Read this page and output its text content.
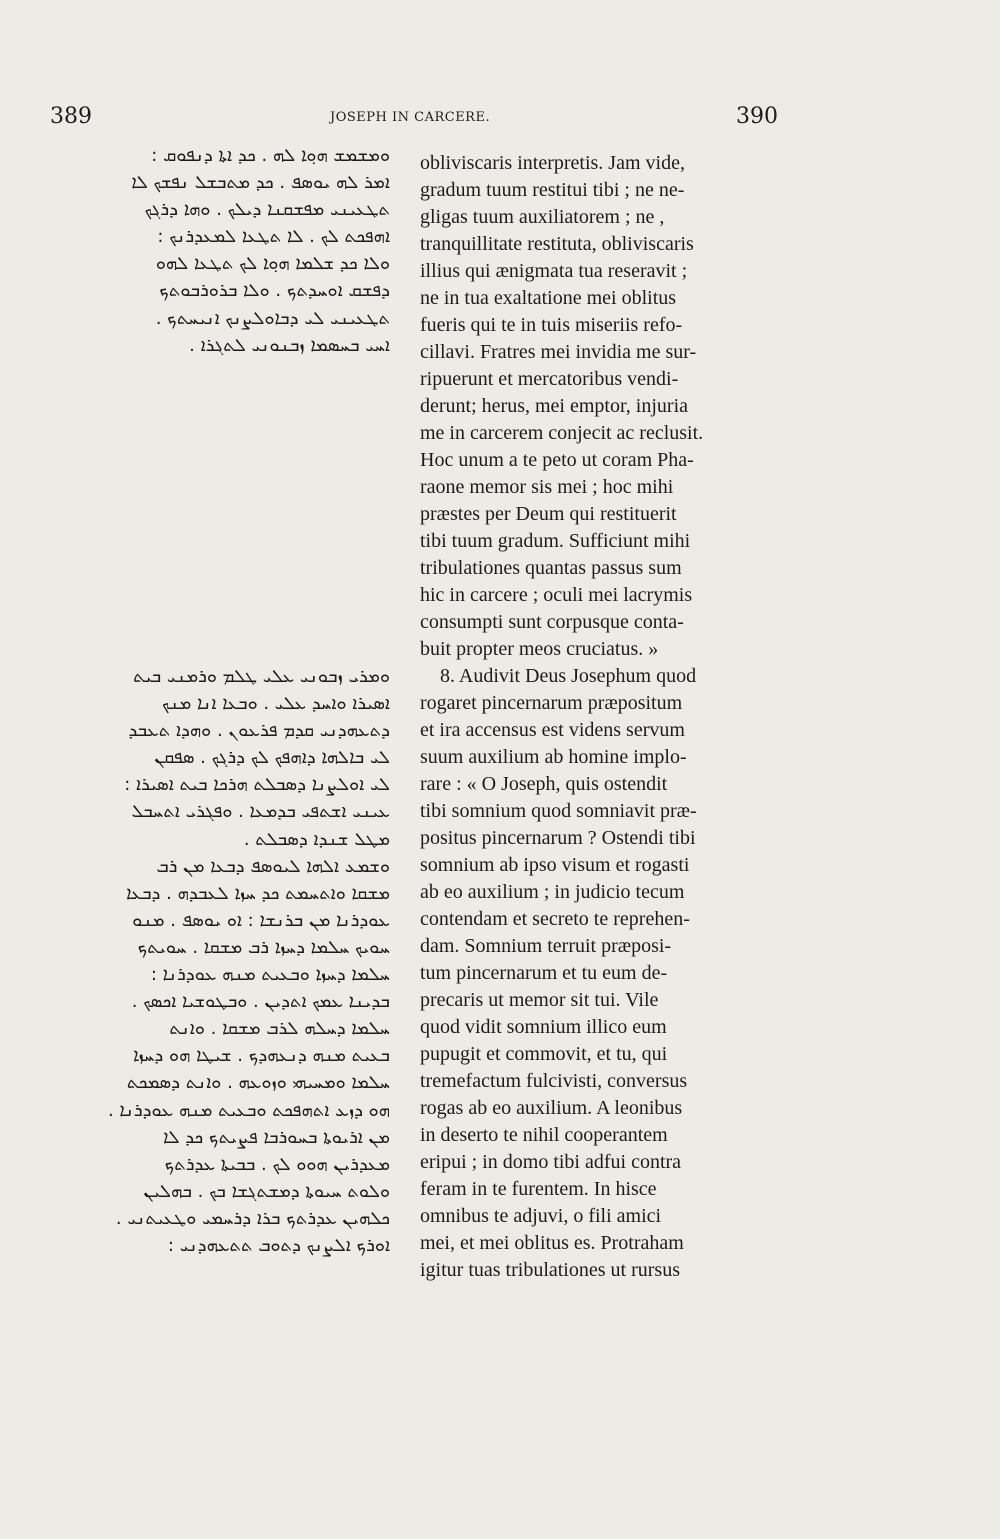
389	JOSEPH IN CARCERE.	390
ܘܡܫܡܫ ܗܘ݂ܐ ܠܗ . ܟܕ ܐܬܐ ܕܢܦܘܩ :
ܐܡܪ ܠܗ ܝܘܣܦ . ܟܕ ܡܬܒܫܠ ܢܦܫܟ ܠܐ
ܬܛܥܝܢܝ ܡܦܫܩܢܐ ܕܝܠܟ . ܘܗܐ ܕܪܓܟ
ܐܗܦܟܬ ܠܟ . ܠܐ ܬܛܥܐ ܠܡܥܕܪܢܟ :
ܘܠܐ ܟܕ ܫܠܡܐ ܗܘ݂ܐ ܠܟ ܬܛܥܐ ܠܗܘ
ܕܦܫܩ ܐܘܚܕܬܟ . ܘܠܐ ܒܪܘܪܒܘܬܟ
ܬܛܥܝܢܝ ܠܝ ܕܒܐܘܠܨܢܟ ܐܢܝܚܬܟ .
ܐܚܝ ܒܚܣܡܐ ܙܒܢܘܢܝ ܠܬܓܪܐ .
ܘܡܪܝ ܙܒܘܢܝ ܥܠܝ ܛܠܡ ܘܪܡܢܝ ܒܝܬ
ܐܣܝܪܐ ܘܐܚܕ ܥܠܝ . ܘܒܥܐ ܐܢܐ ܡܢܟ
ܕܬܥܗܕܢܝ ܩܕܡ ܦܪܥܘܢ . ܘܗܕܐ ܬܥܒܕ
ܠܝ ܒܐܠܗܐ ܕܐܗܦܟ ܠܟ ܕܪܓܟ . ܣܦܩܢ
ܠܝ ܐܘܠܨܢܐ ܕܣܒܠܬ ܗܪܟܐ ܒܝܬ ܐܣܝܪܐ :
ܥܝܢܝ ܐܫܬܦܝ ܒܕܡܥܐ . ܘܦܓܪܝ ܐܬܚܒܠ
ܡܛܠ ܫܢܕܐ ܕܣܒܠܬ .
ܘܫܡܥ ܐܠܗܐ ܠܝܘܣܦ ܕܒܥܐ ܡܢ ܪܒ
ܡܫܩܐ ܘܐܬܚܡܬ ܟܕ ܚܙܐ ܠܥܒܕܗ . ܕܒܥܐ
ܥܘܕܪܢܐ ܡܢ ܒܪܢܫܐ : ܐܘ ܝܘܣܦ . ܡܢܘ
ܚܘܝܟ ܚܠܡܐ ܕܚܙܐ ܪܒ ܡܫܩܐ . ܚܘܝܬܟ
ܚܠܡܐ ܕܚܙܐ ܘܒܥܝܬ ܡܢܗ ܥܘܕܪܢܐ :
ܒܕܝܢܐ ܥܡܟ ܐܬܕܝܢ . ܘܒܛܘܫܝܐ ܐܟܣܟ .
ܚܠܡܐ ܕܚܠܗ ܠܪܒ ܡܫܩܐ . ܘܐܢܬ
ܒܥܝܬ ܡܢܗ ܕܢܥܗܕܟ . ܫܝܛܐ ܗܘ ܕܚܙܐ
ܚܠܡܐ ܘܡܚܝܗܝ ܘܙܘܥܗ . ܘܐܢܬ ܕܣܡܟܬ
ܗܘ ܕܙܥ ܐܬܗܦܟܬ ܘܒܥܝܬ ܡܢܗ ܥܘܕܪܢܐ .
ܡܢ ܐܪܝܘܬܐ ܒܚܘܪܒܐ ܦܨܝܬܟ ܟܕ ܠܐ
ܡܥܕܪܝܢ ܗܘܘ ܠܟ . ܒܒܝܬܐ ܥܕܪܬܟ
ܘܠܘܬ ܚܝܘܬܐ ܕܡܫܬܓܫܐ ܒܟ . ܒܗܠܝܢ
ܟܠܗܝܢ ܥܕܪܬܟ ܒܪܐ ܕܪܚܡܝ ܘܛܥܝܬܢܝ .
ܐܘܪܟ ܐܠܨܢܟ ܕܬܘܒ ܬܬܥܗܕܢܝ :
obliviscaris interpretis. Jam vide,
gradum tuum restitui tibi ; ne ne-
gligas tuum auxiliatorem ; ne ,
tranquillitate restituta, obliviscaris
illius qui ænigmata tua reseravit ;
ne in tua exaltatione mei oblitus
fueris qui te in tuis miseriis refo-
cillavi. Fratres mei invidia me sur-
ripuerunt et mercatoribus vendi-
derunt; herus, mei emptor, injuria
me in carcerem conjecit ac reclusit.
Hoc unum a te peto ut coram Pha-
raone memor sis mei ; hoc mihi
præstes per Deum qui restituerit
tibi tuum gradum. Sufficiunt mihi
tribulationes quantas passus sum
hic in carcere ; oculi mei lacrymis
consumpti sunt corpusque conta-
buit propter meos cruciatus. »
8. Audivit Deus Josephum quod
rogaret pincernarum præpositum
et ira accensus est videns servum
suum auxilium ab homine implo-
rare : « O Joseph, quis ostendit
tibi somnium quod somniavit præ-
positus pincernarum ? Ostendi tibi
somnium ab ipso visum et rogasti
ab eo auxilium ; in judicio tecum
contendam et secreto te reprehen-
dam. Somnium terruit præposi-
tum pincernarum et tu eum de-
precaris ut memor sit tui. Vile
quod vidit somnium illico eum
pupugit et commovit, et tu, qui
tremefactum fulcivisti, conversus
rogas ab eo auxilium. A leonibus
in deserto te nihil cooperantem
eripui ; in domo tibi adfui contra
feram in te furentem. In hisce
omnibus te adjuvi, o fili amici
mei, et mei oblitus es. Protraham
igitur tuas tribulationes ut rursus
